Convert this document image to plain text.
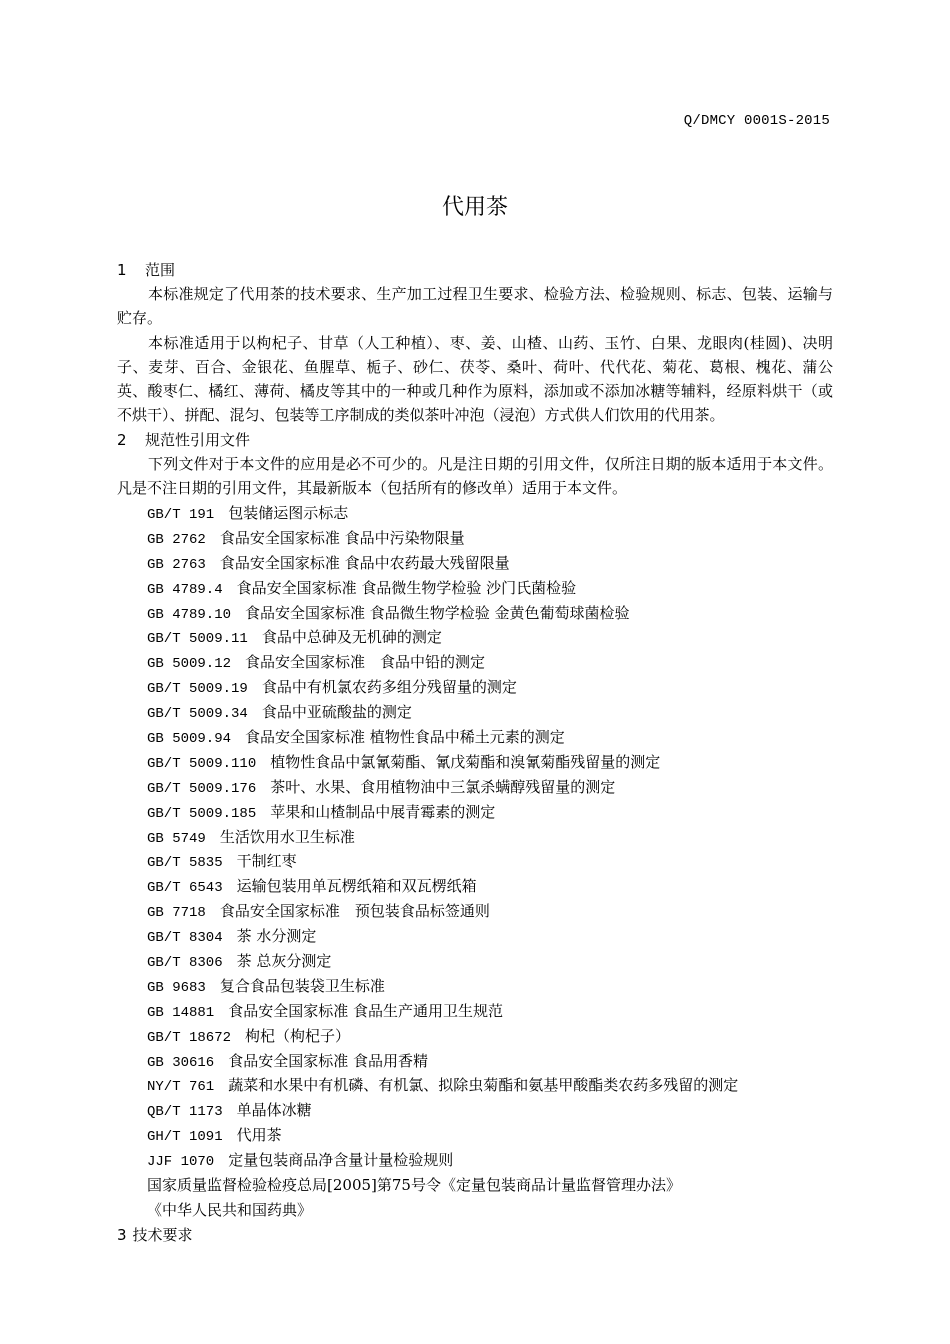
Q/DMCY 0001S-2015
代用茶
1 范围

本标准规定了代用茶的技术要求、生产加工过程卫生要求、检验方法、检验规则、标志、包装、运输与贮存。

本标准适用于以枸杞子、甘草（人工种植）、枣、姜、山楂、山药、玉竹、白果、龙眼肉(桂圆)、决明子、麦芽、百合、金银花、鱼腥草、栀子、砂仁、茯苓、桑叶、荷叶、代代花、菊花、葛根、槐花、蒲公英、酸枣仁、橘红、薄荷、橘皮等其中的一种或几种作为原料，添加或不添加冰糖等辅料，经原料烘干（或不烘干）、拼配、混匀、包装等工序制成的类似茶叶冲泡（浸泡）方式供人们饮用的代用茶。

2 规范性引用文件

下列文件对于本文件的应用是必不可少的。凡是注日期的引用文件，仅所注日期的版本适用于本文件。凡是不注日期的引用文件，其最新版本（包括所有的修改单）适用于本文件。

GB/T 191 包装储运图示标志
GB 2762 食品安全国家标准 食品中污染物限量
GB 2763 食品安全国家标准 食品中农药最大残留限量
GB 4789.4 食品安全国家标准 食品微生物学检验 沙门氏菌检验
GB 4789.10 食品安全国家标准 食品微生物学检验 金黄色葡萄球菌检验
GB/T 5009.11 食品中总砷及无机砷的测定
GB 5009.12 食品安全国家标准　食品中铅的测定
GB/T 5009.19 食品中有机氯农药多组分残留量的测定
GB/T 5009.34 食品中亚硫酸盐的测定
GB 5009.94 食品安全国家标准 植物性食品中稀土元素的测定
GB/T 5009.110 植物性食品中氯氰菊酯、氰戊菊酯和溴氰菊酯残留量的测定
GB/T 5009.176 茶叶、水果、食用植物油中三氯杀螨醇残留量的测定
GB/T 5009.185 苹果和山楂制品中展青霉素的测定
GB 5749 生活饮用水卫生标准
GB/T 5835 干制红枣
GB/T 6543 运输包装用单瓦楞纸箱和双瓦楞纸箱
GB 7718 食品安全国家标准　预包装食品标签通则
GB/T 8304 茶 水分测定
GB/T 8306 茶 总灰分测定
GB 9683 复合食品包装袋卫生标准
GB 14881 食品安全国家标准 食品生产通用卫生规范
GB/T 18672 枸杞（枸杞子）
GB 30616 食品安全国家标准 食品用香精
NY/T 761 蔬菜和水果中有机磷、有机氯、拟除虫菊酯和氨基甲酸酯类农药多残留的测定
QB/T 1173 单晶体冰糖
GH/T 1091 代用茶
JJF 1070 定量包装商品净含量计量检验规则
国家质量监督检验检疫总局[2005]第75号令《定量包装商品计量监督管理办法》
《中华人民共和国药典》
3 技术要求
